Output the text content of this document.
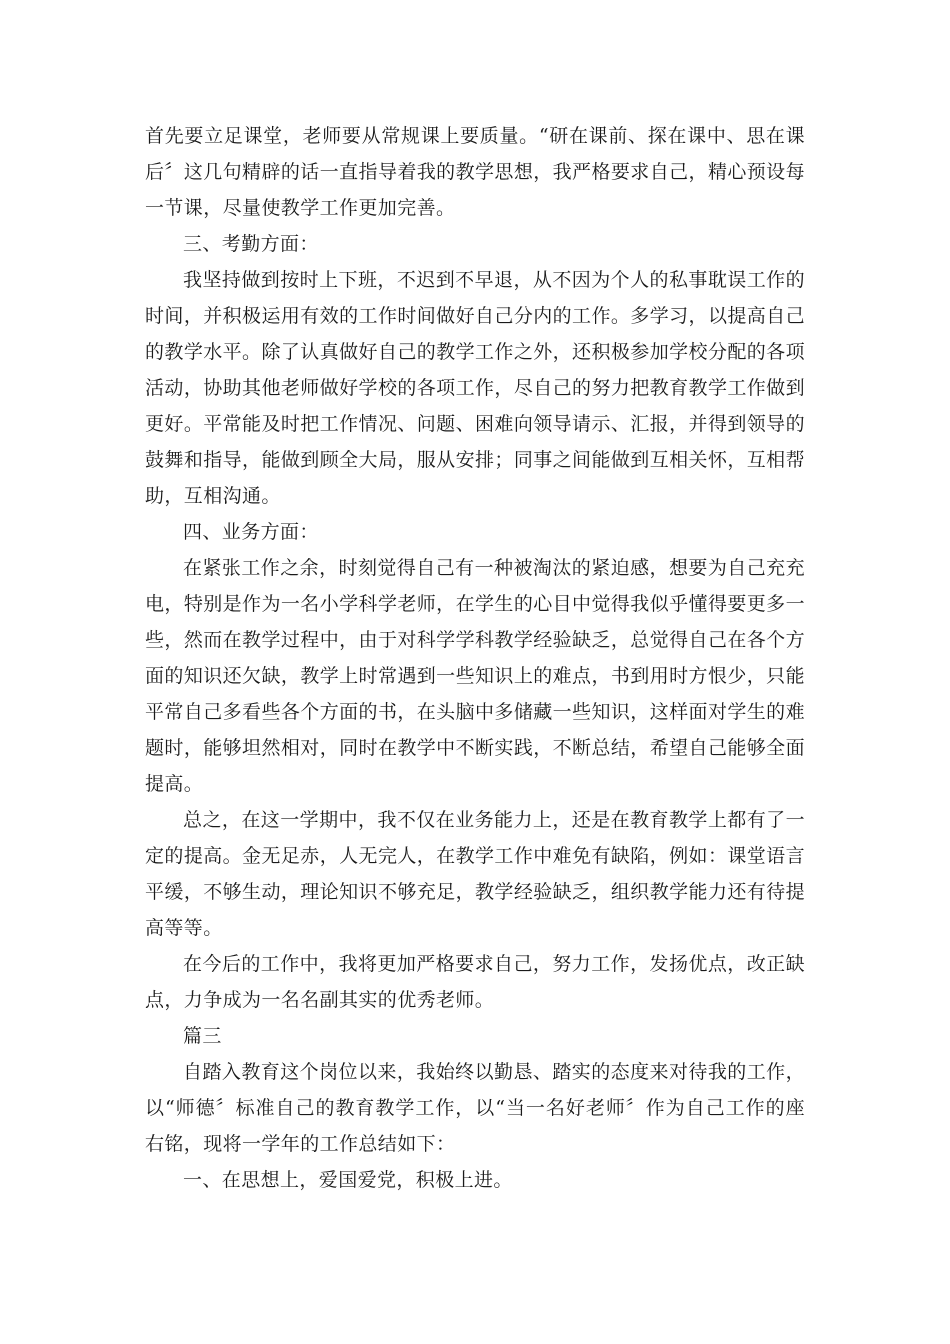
首先要立足课堂，老师要从常规课上要质量。“研在课前、探在课中、思在课后〞这几句精辟的话一直指导着我的教学思想，我严格要求自己，精心预设每一节课，尽量使教学工作更加完善。

三、考勤方面：

我坚持做到按时上下班，不迟到不早退，从不因为个人的私事耽误工作的时间，并积极运用有效的工作时间做好自己分内的工作。多学习，以提高自己的教学水平。除了认真做好自己的教学工作之外，还积极参加学校分配的各项活动，协助其他老师做好学校的各项工作，尽自己的努力把教育教学工作做到更好。平常能及时把工作情况、问题、困难向领导请示、汇报，并得到领导的鼓舞和指导，能做到顾全大局，服从安排；同事之间能做到互相关怀，互相帮助，互相沟通。

四、业务方面：

在紧张工作之余，时刻觉得自己有一种被淘汰的紧迫感，想要为自己充充电，特别是作为一名小学科学老师，在学生的心目中觉得我似乎懂得要更多一些，然而在教学过程中，由于对科学学科教学经验缺乏，总觉得自己在各个方面的知识还欠缺，教学上时常遇到一些知识上的难点，书到用时方恨少，只能平常自己多看些各个方面的书，在头脑中多储藏一些知识，这样面对学生的难题时，能够坦然相对，同时在教学中不断实践，不断总结，希望自己能够全面提高。

总之，在这一学期中，我不仅在业务能力上，还是在教育教学上都有了一定的提高。金无足赤，人无完人，在教学工作中难免有缺陷，例如：课堂语言平缓，不够生动，理论知识不够充足，教学经验缺乏，组织教学能力还有待提高等等。

在今后的工作中，我将更加严格要求自己，努力工作，发扬优点，改正缺点，力争成为一名名副其实的优秀老师。

篇三

自踏入教育这个岗位以来，我始终以勤恳、踏实的态度来对待我的工作，以“师德〞标准自己的教育教学工作，以“当一名好老师〞作为自己工作的座右铭，现将一学年的工作总结如下：

一、在思想上，爱国爱党，积极上进。
